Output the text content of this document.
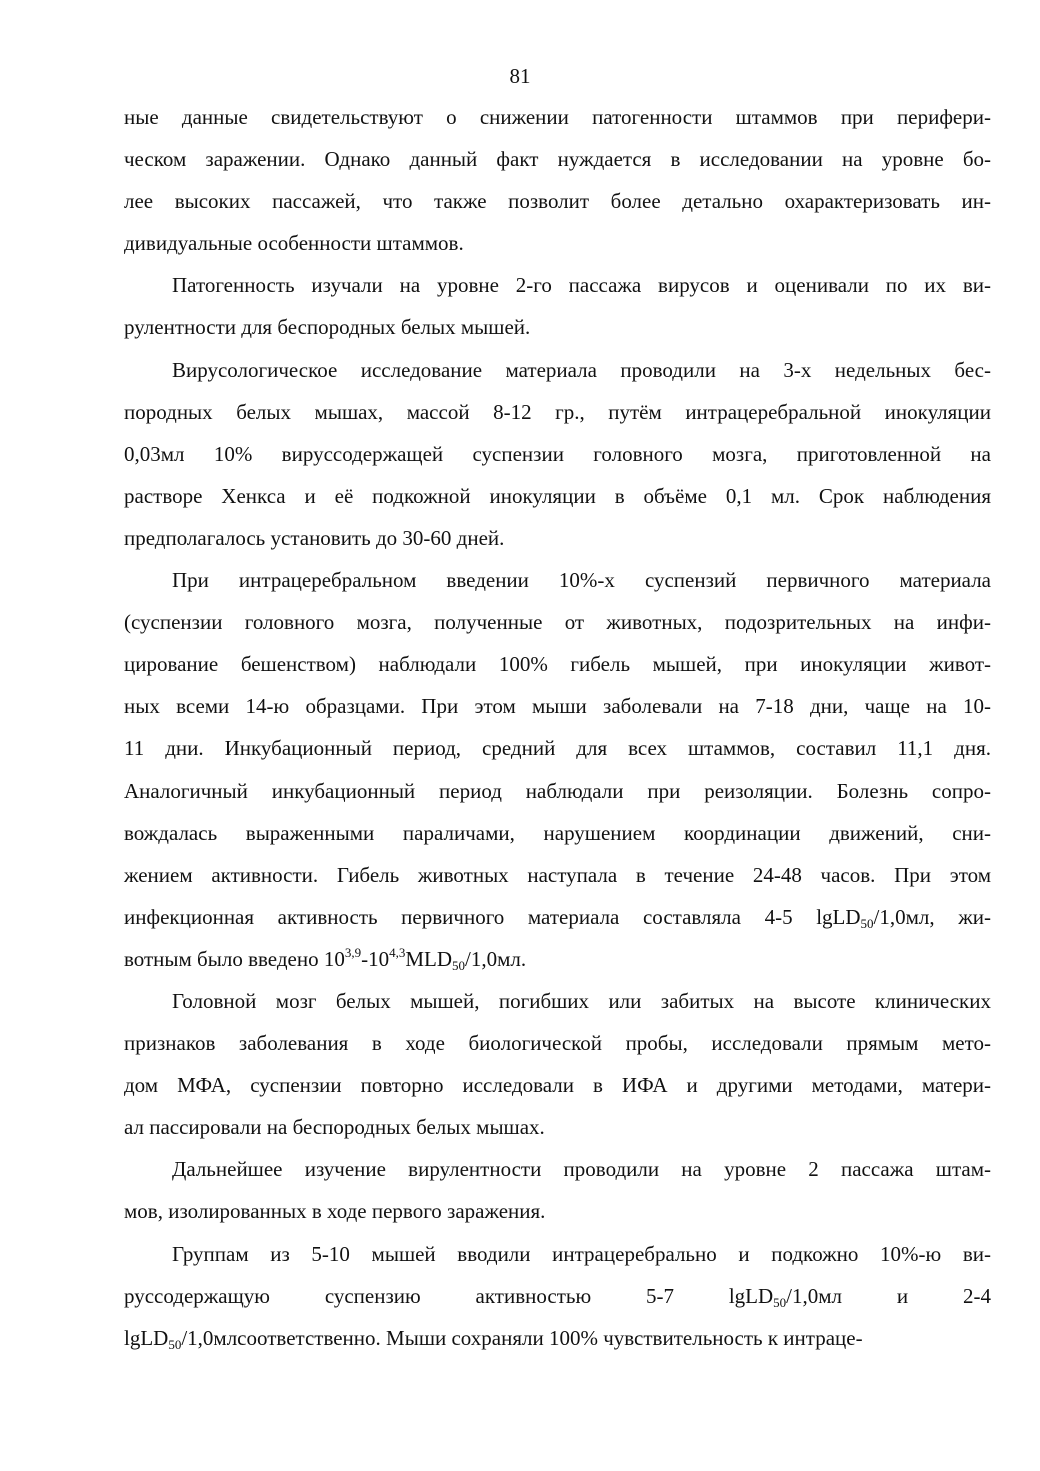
81

ные данные свидетельствуют о снижении патогенности штаммов при перифери-
ческом заражении. Однако данный факт нуждается в исследовании на уровне бо-
лее высоких пассажей, что также позволит более детально охарактеризовать ин-
дивидуальные особенности штаммов.

Патогенность изучали на уровне 2-го пассажа вирусов и оценивали по их ви-
рулентности для беспородных белых мышей.

Вирусологическое исследование материала проводили на 3-х недельных бес-
породных белых мышах, массой 8-12 гр., путём интрацеребральной инокуляции
0,03мл 10% вируссодержащей суспензии головного мозга, приготовленной на
растворе Хенкса и её подкожной инокуляции в объёме 0,1 мл. Срок наблюдения
предполагалось установить до 30-60 дней.

При интрацеребральном введении 10%-х суспензий первичного материала
(суспензии головного мозга, полученные от животных, подозрительных на инфи-
цирование бешенством) наблюдали 100% гибель мышей, при инокуляции живот-
ных всеми 14-ю образцами. При этом мыши заболевали на 7-18 дни, чаще на 10-
11 дни. Инкубационный период, средний для всех штаммов, составил 11,1 дня.
Аналогичный инкубационный период наблюдали при реизоляции. Болезнь сопро-
вождалась выраженными параличами, нарушением координации движений, сни-
жением активности. Гибель животных наступала в течение 24-48 часов. При этом
инфекционная активность первичного материала составляла 4-5 lgLD$_{50}$/1,0мл, жи-
вотным было введено $10^{3,9}-10^{4,3}MLD_{50}/1,0мл$.

Головной мозг белых мышей, погибших или забитых на высоте клинических
признаков заболевания в ходе биологической пробы, исследовали прямым мето-
дом МФА, суспензии повторно исследовали в ИФА и другими методами, матери-
ал пассировали на беспородных белых мышах.

Дальнейшее изучение вирулентности проводили на уровне 2 пассажа штам-
мов, изолированных в ходе первого заражения.

Группам из 5-10 мышей вводили интрацеребрально и подкожно 10%-ю ви-
руссодержащую	суспензию	активностью	5-7	lgLD$_{50}$/1,0мл	и	2-4
lgLD$_{50}$/1,0млсоответственно. Мыши сохраняли 100% чувствительность к интраце-
